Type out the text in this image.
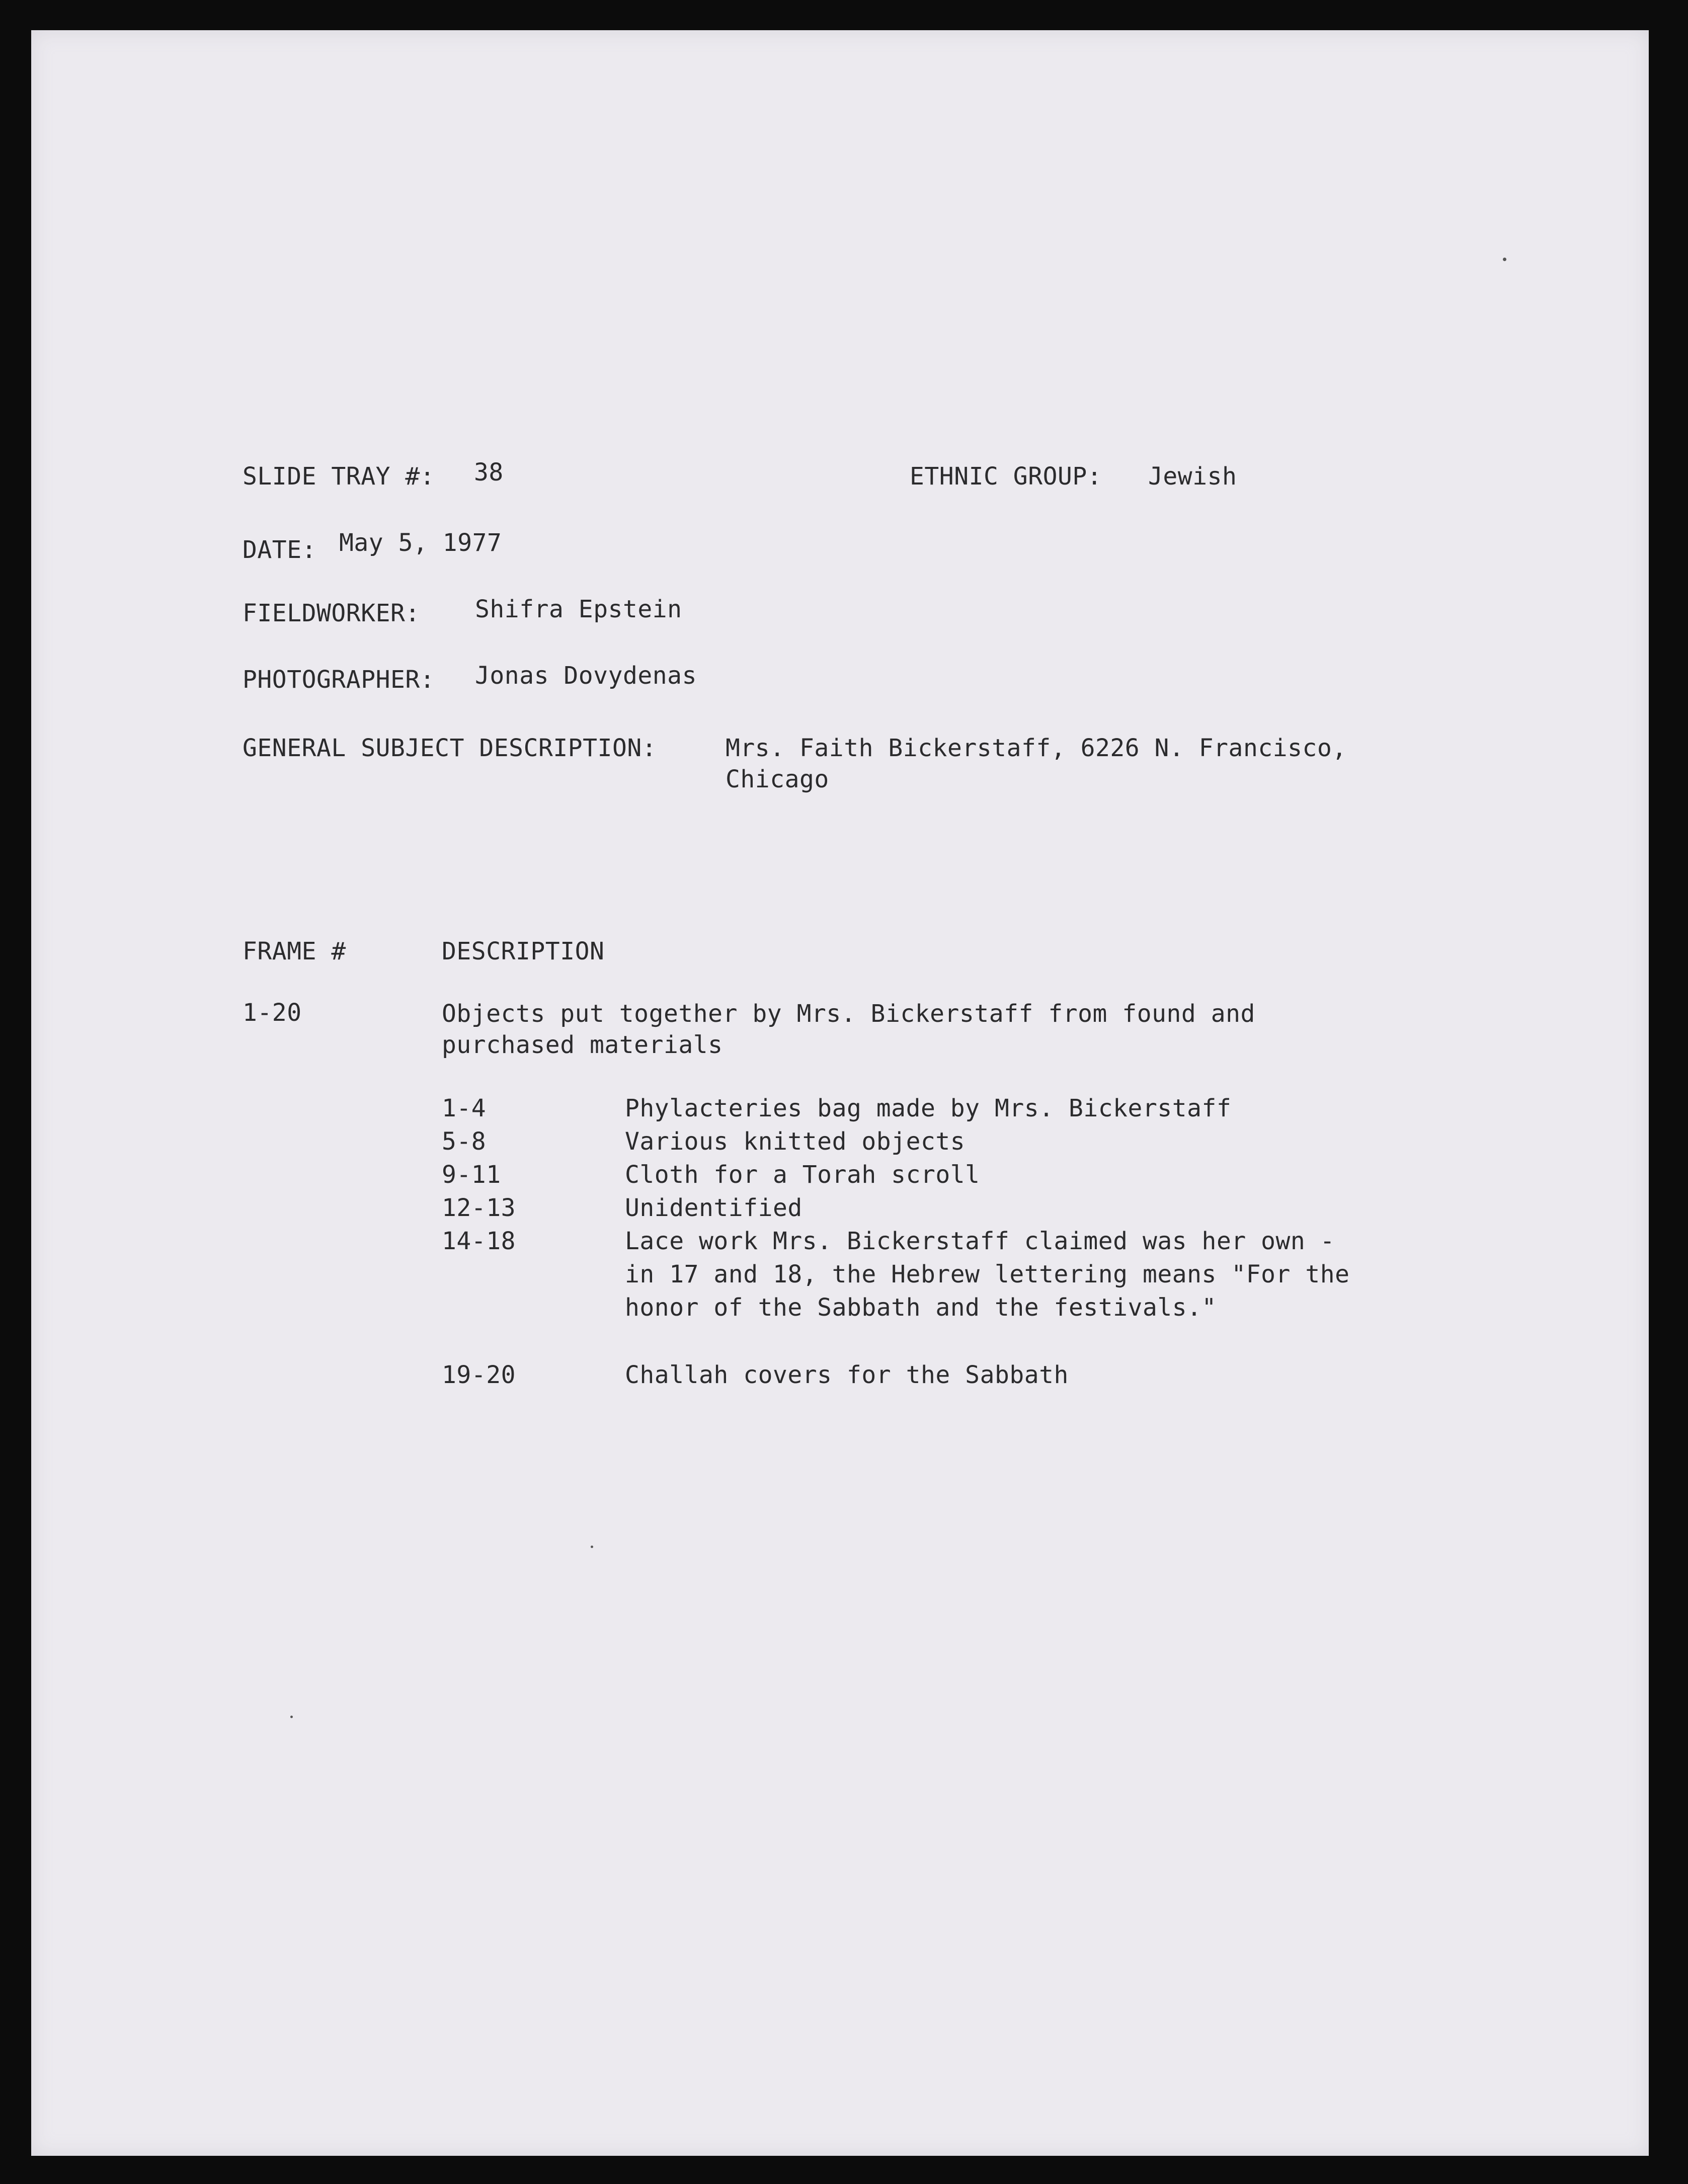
SLIDE TRAY #: 38	ETHNIC GROUP: Jewish
DATE: May 5, 1977
FIELDWORKER: Shifra Epstein
PHOTOGRAPHER: Jonas Dovydenas
GENERAL SUBJECT DESCRIPTION:	Mrs. Faith Bickerstaff, 6226 N. Francisco,
Chicago
FRAME #	DESCRIPTION
1-20	Objects put together by Mrs. Bickerstaff from found and
purchased materials
1-4	Phylacteries bag made by Mrs. Bickerstaff
5-8	Various knitted objects
9-11	Cloth for a Torah scroll
12-13	Unidentified
14-18	Lace work Mrs. Bickerstaff claimed was her own -
in 17 and 18, the Hebrew lettering means "For the
honor of the Sabbath and the festivals."
19-20	Challah covers for the Sabbath
